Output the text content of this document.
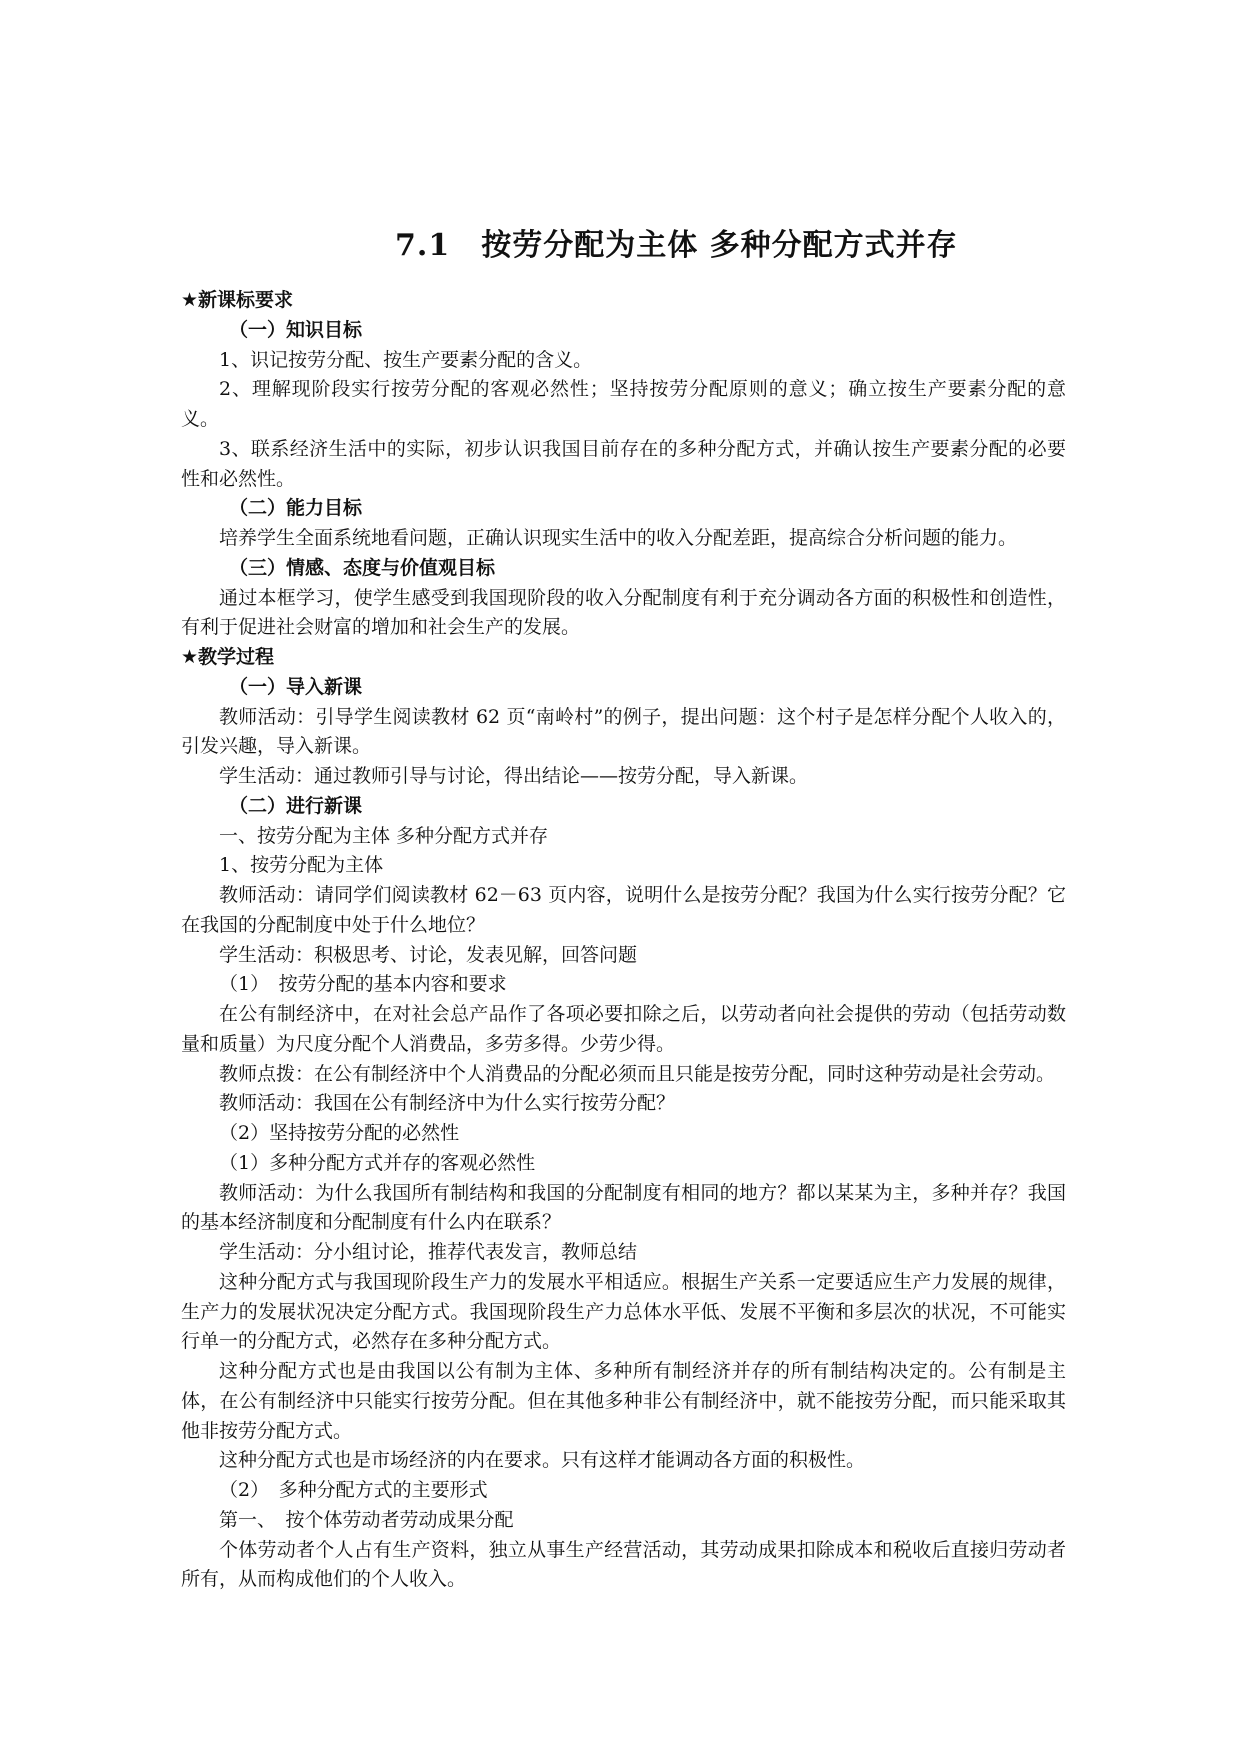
7.1　按劳分配为主体 多种分配方式并存

★新课标要求

（一）知识目标

1、识记按劳分配、按生产要素分配的含义。

2、理解现阶段实行按劳分配的客观必然性；坚持按劳分配原则的意义；确立按生产要素分配的意义。

3、联系经济生活中的实际，初步认识我国目前存在的多种分配方式，并确认按生产要素分配的必要性和必然性。

（二）能力目标

培养学生全面系统地看问题，正确认识现实生活中的收入分配差距，提高综合分析问题的能力。

（三）情感、态度与价值观目标

通过本框学习，使学生感受到我国现阶段的收入分配制度有利于充分调动各方面的积极性和创造性，有利于促进社会财富的增加和社会生产的发展。

★教学过程

（一）导入新课

教师活动：引导学生阅读教材 62 页“南岭村”的例子，提出问题：这个村子是怎样分配个人收入的，引发兴趣，导入新课。

学生活动：通过教师引导与讨论，得出结论——按劳分配，导入新课。

（二）进行新课

一、按劳分配为主体 多种分配方式并存

1、按劳分配为主体

教师活动：请同学们阅读教材 62－63 页内容，说明什么是按劳分配？我国为什么实行按劳分配？它在我国的分配制度中处于什么地位？

学生活动：积极思考、讨论，发表见解，回答问题

（1）　按劳分配的基本内容和要求

在公有制经济中，在对社会总产品作了各项必要扣除之后，以劳动者向社会提供的劳动（包括劳动数量和质量）为尺度分配个人消费品，多劳多得。少劳少得。

教师点拨：在公有制经济中个人消费品的分配必须而且只能是按劳分配，同时这种劳动是社会劳动。

教师活动：我国在公有制经济中为什么实行按劳分配？

（2）坚持按劳分配的必然性

（1）多种分配方式并存的客观必然性

教师活动：为什么我国所有制结构和我国的分配制度有相同的地方？都以某某为主，多种并存？我国的基本经济制度和分配制度有什么内在联系？

学生活动：分小组讨论，推荐代表发言，教师总结

这种分配方式与我国现阶段生产力的发展水平相适应。根据生产关系一定要适应生产力发展的规律，生产力的发展状况决定分配方式。我国现阶段生产力总体水平低、发展不平衡和多层次的状况，不可能实行单一的分配方式，必然存在多种分配方式。

这种分配方式也是由我国以公有制为主体、多种所有制经济并存的所有制结构决定的。公有制是主体，在公有制经济中只能实行按劳分配。但在其他多种非公有制经济中，就不能按劳分配，而只能采取其他非按劳分配方式。

这种分配方式也是市场经济的内在要求。只有这样才能调动各方面的积极性。

（2）　多种分配方式的主要形式

第一、　按个体劳动者劳动成果分配

个体劳动者个人占有生产资料，独立从事生产经营活动，其劳动成果扣除成本和税收后直接归劳动者所有，从而构成他们的个人收入。
